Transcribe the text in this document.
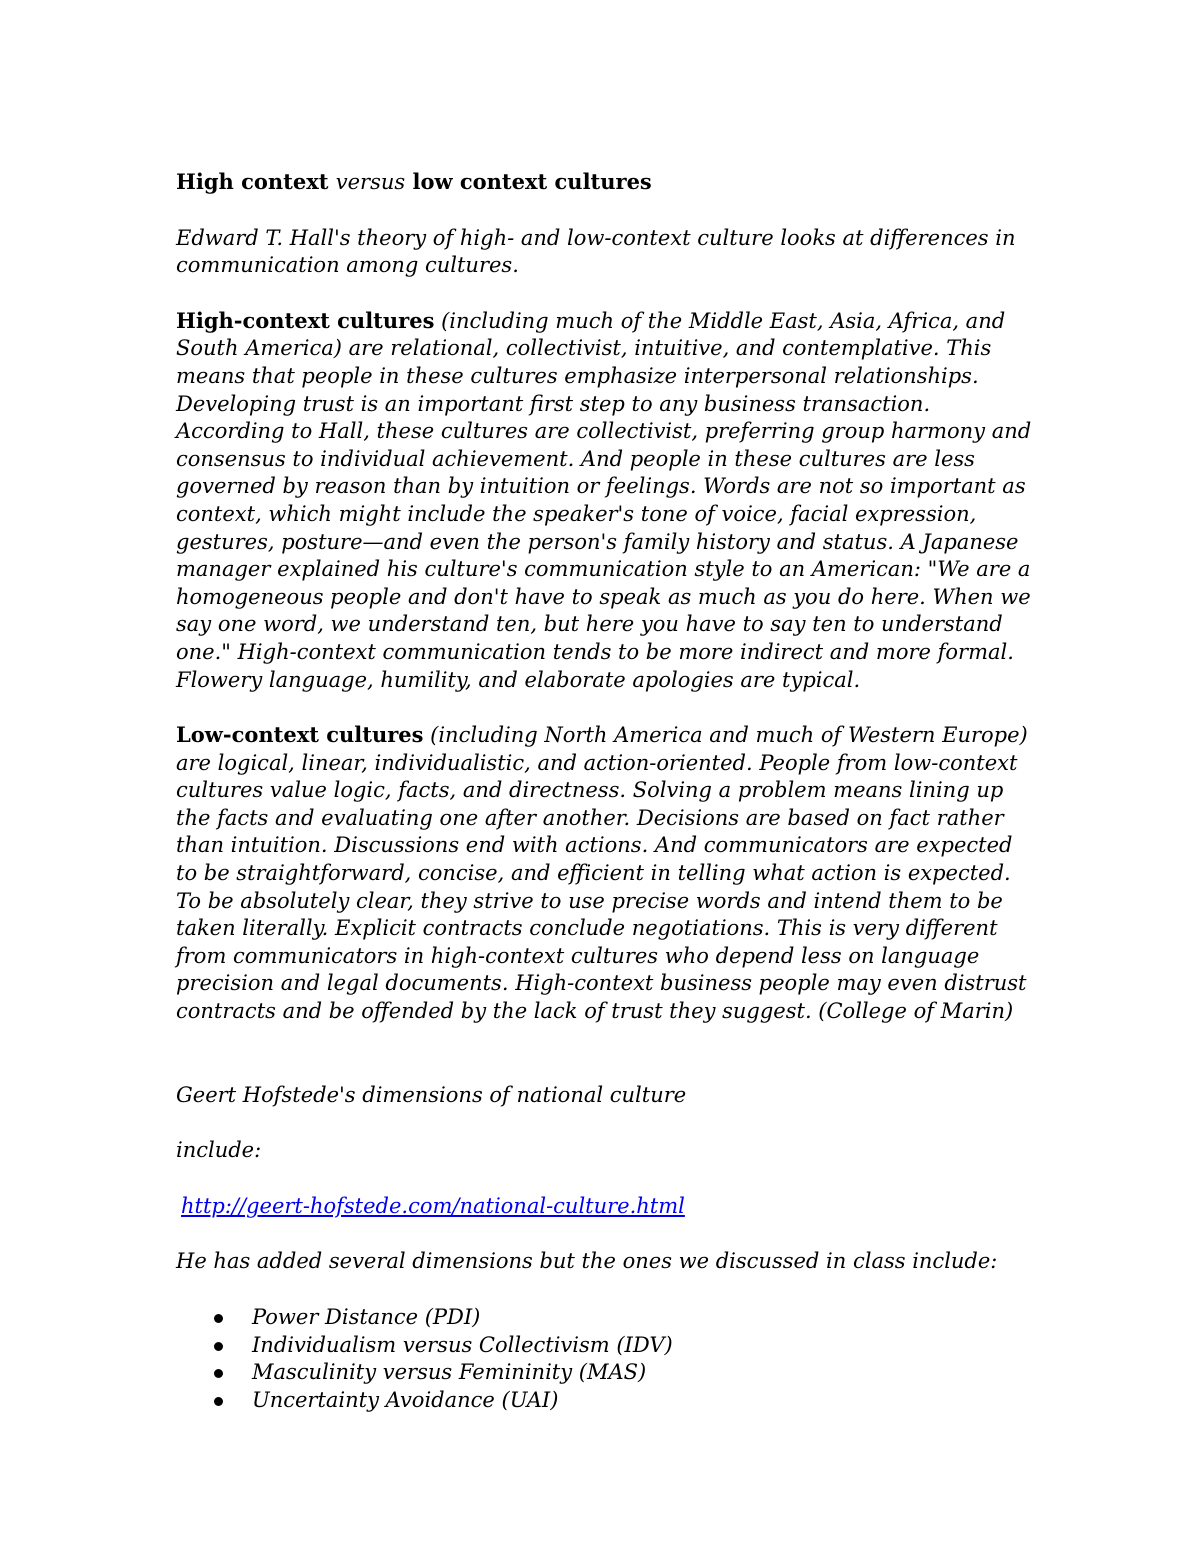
High context versus low context cultures

Edward T. Hall's theory of high- and low-context culture looks at differences in communication among cultures.

High-context cultures (including much of the Middle East, Asia, Africa, and South America) are relational, collectivist, intuitive, and contemplative. This means that people in these cultures emphasize interpersonal relationships. Developing trust is an important first step to any business transaction. According to Hall, these cultures are collectivist, preferring group harmony and consensus to individual achievement. And people in these cultures are less governed by reason than by intuition or feelings. Words are not so important as context, which might include the speaker's tone of voice, facial expression, gestures, posture—and even the person's family history and status. A Japanese manager explained his culture's communication style to an American: "We are a homogeneous people and don't have to speak as much as you do here. When we say one word, we understand ten, but here you have to say ten to understand one." High-context communication tends to be more indirect and more formal. Flowery language, humility, and elaborate apologies are typical.

Low-context cultures (including North America and much of Western Europe) are logical, linear, individualistic, and action-oriented. People from low-context cultures value logic, facts, and directness. Solving a problem means lining up the facts and evaluating one after another. Decisions are based on fact rather than intuition. Discussions end with actions. And communicators are expected to be straightforward, concise, and efficient in telling what action is expected. To be absolutely clear, they strive to use precise words and intend them to be taken literally. Explicit contracts conclude negotiations. This is very different from communicators in high-context cultures who depend less on language precision and legal documents. High-context business people may even distrust contracts and be offended by the lack of trust they suggest. (College of Marin)

Geert Hofstede's dimensions of national culture

include:

http://geert-hofstede.com/national-culture.html

He has added several dimensions but the ones we discussed in class include:

Power Distance (PDI)
Individualism versus Collectivism (IDV)
Masculinity versus Femininity (MAS)
Uncertainty Avoidance (UAI)
